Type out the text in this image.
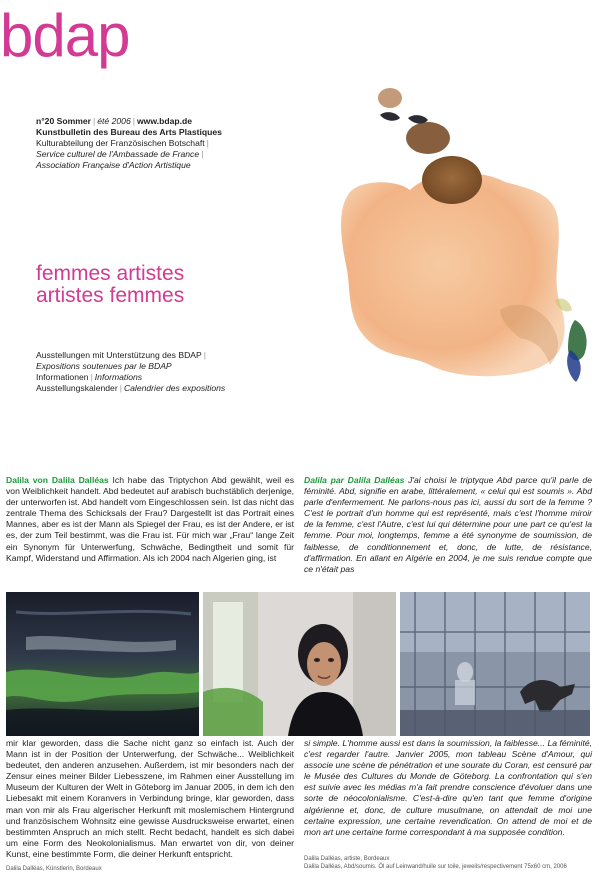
bdap
n°20 Sommer | été 2006 | www.bdap.de
Kunstbulletin des Bureau des Arts Plastiques
Kulturabteilung der Französischen Botschaft |
Service culturel de l'Ambassade de France |
Association Française d'Action Artistique
femmes artistes
artistes femmes
Ausstellungen mit Unterstützung des BDAP |
Expositions soutenues par le BDAP
Informationen | Informations
Ausstellungskalender | Calendrier des expositions
Dalila von Dalila Dalléas Ich habe das Triptychon Abd gewählt, weil es von Weiblichkeit handelt. Abd bedeutet auf arabisch buchstäblich derjenige, der unterworfen ist. Abd handelt vom Eingeschlossen sein. Ist das nicht das zentrale Thema des Schicksals der Frau? Dargestellt ist das Portrait eines Mannes, aber es ist der Mann als Spiegel der Frau, es ist der Andere, er ist es, der zum Teil bestimmt, was die Frau ist. Für mich war „Frau“ lange Zeit ein Synonym für Unterwerfung, Schwäche, Bedingtheit und somit für Kampf, Widerstand und Affirmation. Als ich 2004 nach Algerien ging, ist
Dalila par Dalila Dalléas J'ai choisi le triptyque Abd parce qu'il parle de féminité. Abd, signifie en arabe, littéralement, « celui qui est soumis ». Abd parle d'enfermement. Ne parlons-nous pas ici, aussi du sort de la femme ? C'est le portrait d'un homme qui est représenté, mais c'est l'homme miroir de la femme, c'est l'Autre, c'est lui qui détermine pour une part ce qu'est la femme. Pour moi, longtemps, femme a été synonyme de soumission, de faiblesse, de conditionnement et, donc, de lutte, de résistance, d'affirmation. En allant en Algérie en 2004, je me suis rendue compte que ce n'était pas
mir klar geworden, dass die Sache nicht ganz so einfach ist. Auch der Mann ist in der Position der Unterwerfung, der Schwäche... Weiblichkeit bedeutet, den anderen anzusehen. Außerdem, ist mir besonders nach der Zensur eines meiner Bilder Liebesszene, im Rahmen einer Ausstellung im Museum der Kulturen der Welt in Göteborg im Januar 2005, in dem ich den Liebesakt mit einem Koranvers in Verbindung bringe, klar geworden, dass man von mir als Frau algerischer Herkunft mit moslemischem Hintergrund und französischem Wohnsitz eine gewisse Ausdrucksweise erwartet, einen bestimmten Anspruch an mich stellt. Recht bedacht, handelt es sich dabei um eine Form des Neokolonialismus. Man erwartet von dir, von deiner Kunst, eine bestimmte Form, die deiner Herkunft entspricht.
si simple. L'homme aussi est dans la soumission, la faiblesse... La féminité, c'est regarder l'autre. Janvier 2005, mon tableau Scène d'Amour, qui associe une scène de pénétration et une sourate du Coran, est censuré par le Musée des Cultures du Monde de Göteborg. La confrontation qui s'en est suivie avec les médias m'a fait prendre conscience d'évoluer dans une sorte de néocolonialisme. C'est-à-dire qu'en tant que femme d'origine algérienne et, donc, de culture musulmane, on attendait de moi une certaine expression, une certaine revendication. On attend de moi et de mon art une certaine forme correspondant à ma supposée condition.
Dalila Dalléas, Künstlerin, Bordeaux
Dalila Dalléas, artiste, Bordeaux
Dalila Dalléas, Abd/soumis. Öl auf Leinwand/huile sur toile, jeweils/respectivement 75x60 cm, 2006
